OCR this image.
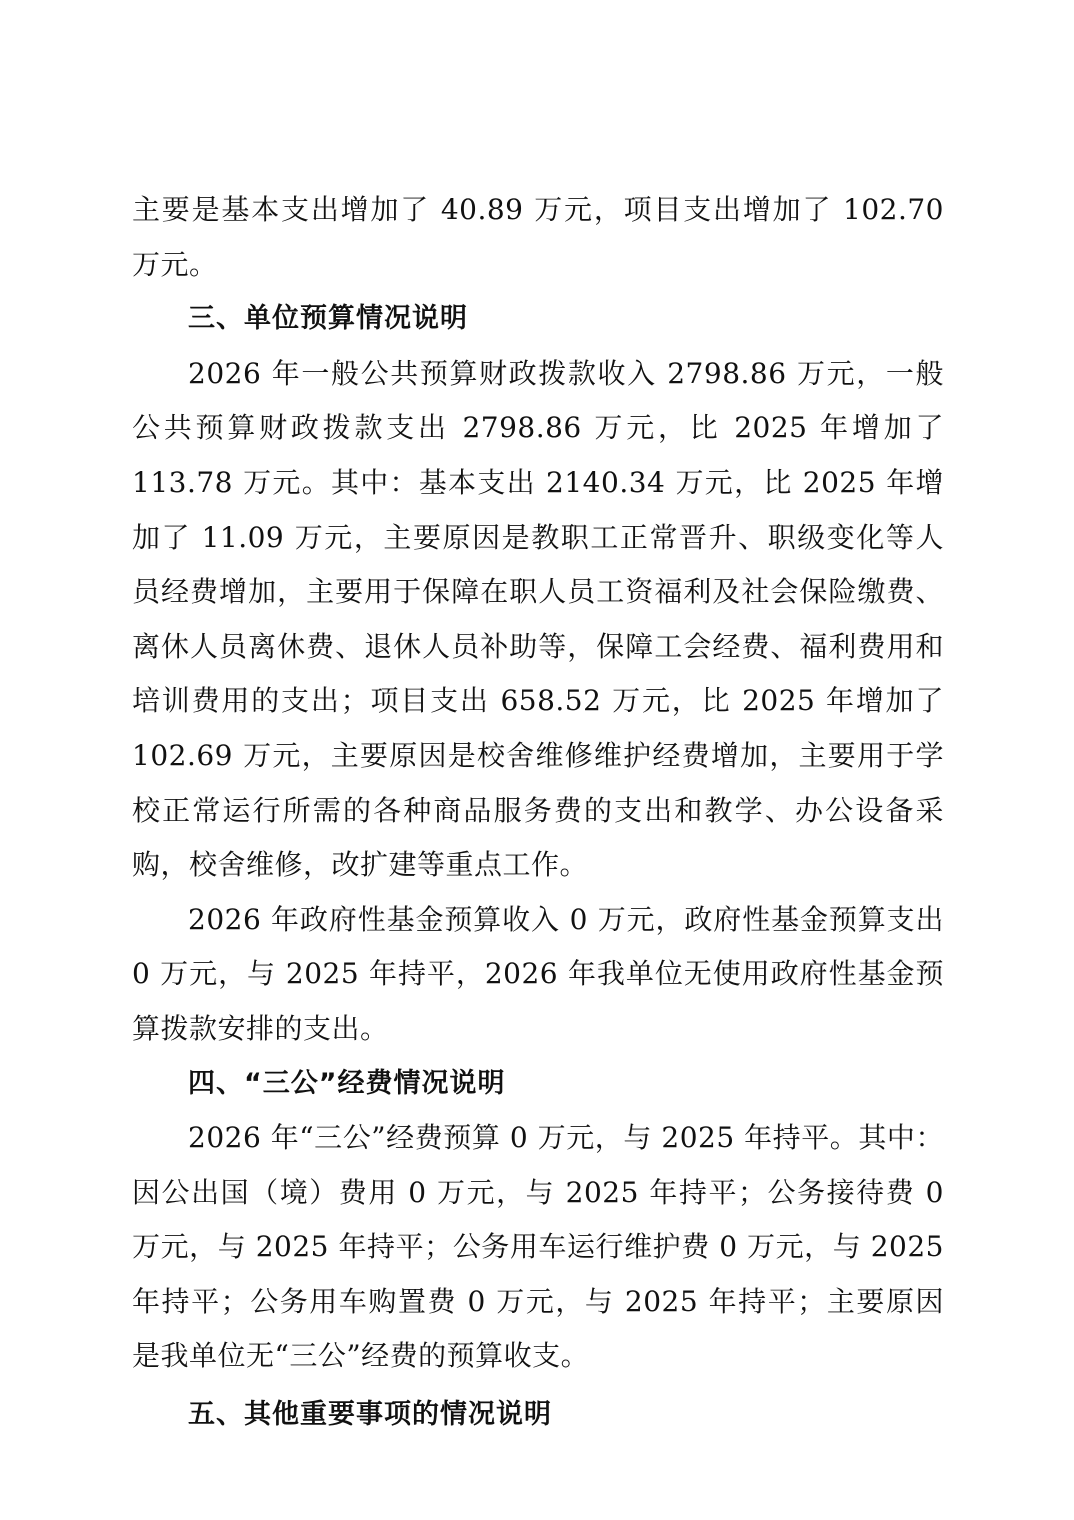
主要是基本支出增加了 40.89 万元，项目支出增加了 102.70 万元。

三、单位预算情况说明

2026 年一般公共预算财政拨款收入 2798.86 万元，一般公共预算财政拨款支出 2798.86 万元，比 2025 年增加了 113.78 万元。其中：基本支出 2140.34 万元，比 2025 年增加了 11.09 万元，主要原因是教职工正常晋升、职级变化等人员经费增加，主要用于保障在职人员工资福利及社会保险缴费、离休人员离休费、退休人员补助等，保障工会经费、福利费用和培训费用的支出；项目支出 658.52 万元，比 2025 年增加了 102.69 万元，主要原因是校舍维修维护经费增加，主要用于学校正常运行所需的各种商品服务费的支出和教学、办公设备采购，校舍维修，改扩建等重点工作。

2026 年政府性基金预算收入 0 万元，政府性基金预算支出 0 万元，与 2025 年持平，2026 年我单位无使用政府性基金预算拨款安排的支出。

四、“三公”经费情况说明

2026 年“三公”经费预算 0 万元，与 2025 年持平。其中：因公出国（境）费用 0 万元，与 2025 年持平；公务接待费 0 万元，与 2025 年持平；公务用车运行维护费 0 万元，与 2025 年持平；公务用车购置费 0 万元，与 2025 年持平；主要原因是我单位无“三公”经费的预算收支。

五、其他重要事项的情况说明
